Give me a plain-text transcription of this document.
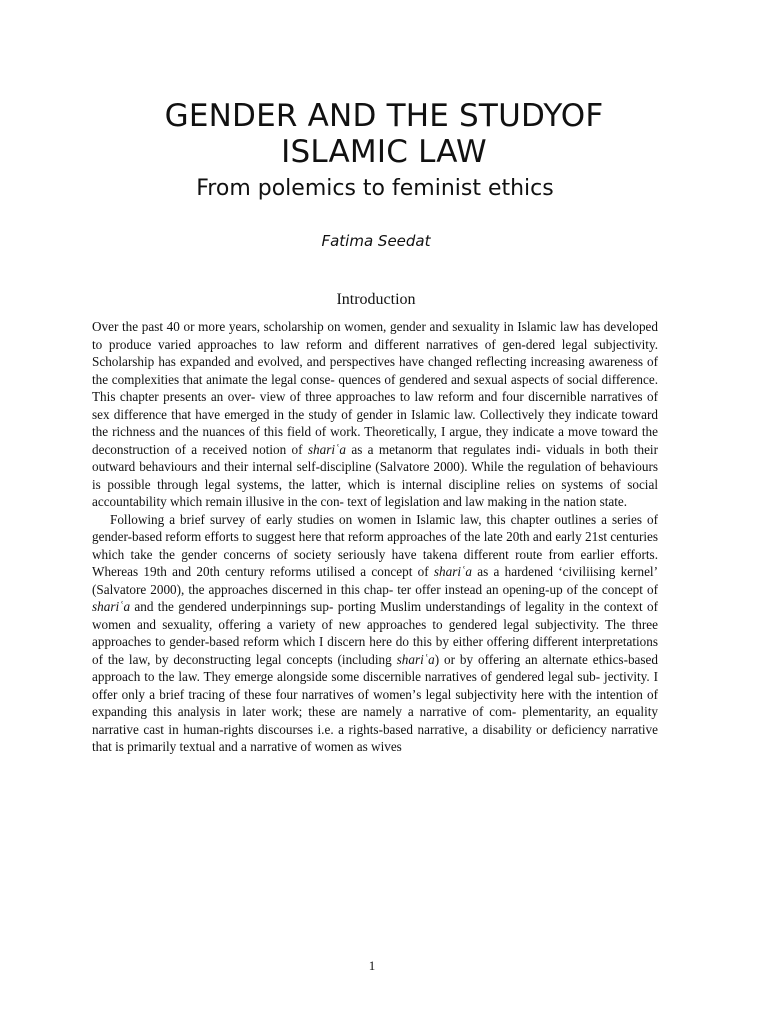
GENDER AND THE STUDYOF
ISLAMIC LAW
From polemics to feminist ethics
Fatima Seedat
Introduction

Over the past 40 or more years, scholarship on women, gender and sexuality in Islamic law has developed to produce varied approaches to law reform and different narratives of gen-dered legal subjectivity. Scholarship has expanded and evolved, and perspectives have changed reflecting increasing awareness of the complexities that animate the legal conse- quences of gendered and sexual aspects of social difference. This chapter presents an over- view of three approaches to law reform and four discernible narratives of sex difference that have emerged in the study of gender in Islamic law. Collectively they indicate toward the richness and the nuances of this field of work. Theoretically, I argue, they indicate a move toward the deconstruction of a received notion of shariʿa as a metanorm that regulates indi- viduals in both their outward behaviours and their internal self-discipline (Salvatore 2000). While the regulation of behaviours is possible through legal systems, the latter, which is internal discipline relies on systems of social accountability which remain illusive in the con- text of legislation and law making in the nation state.

Following a brief survey of early studies on women in Islamic law, this chapter outlines a series of gender-based reform efforts to suggest here that reform approaches of the late 20th and early 21st centuries which take the gender concerns of society seriously have takena different route from earlier efforts. Whereas 19th and 20th century reforms utilised a concept of shariʿa as a hardened ʻciviliising kernelʼ (Salvatore 2000), the approaches discerned in this chap- ter offer instead an opening-up of the concept of shariʿa and the gendered underpinnings sup- porting Muslim understandings of legality in the context of women and sexuality, offering a variety of new approaches to gendered legal subjectivity. The three approaches to gender-based reform which I discern here do this by either offering different interpretations of the law, by deconstructing legal concepts (including shariʿa) or by offering an alternate ethics-based approach to the law. They emerge alongside some discernible narratives of gendered legal sub- jectivity. I offer only a brief tracing of these four narratives of womenʼs legal subjectivity here with the intention of expanding this analysis in later work; these are namely a narrative of com- plementarity, an equality narrative cast in human-rights discourses i.e. a rights-based narrative, a disability or deficiency narrative that is primarily textual and a narrative of women as wives

1
